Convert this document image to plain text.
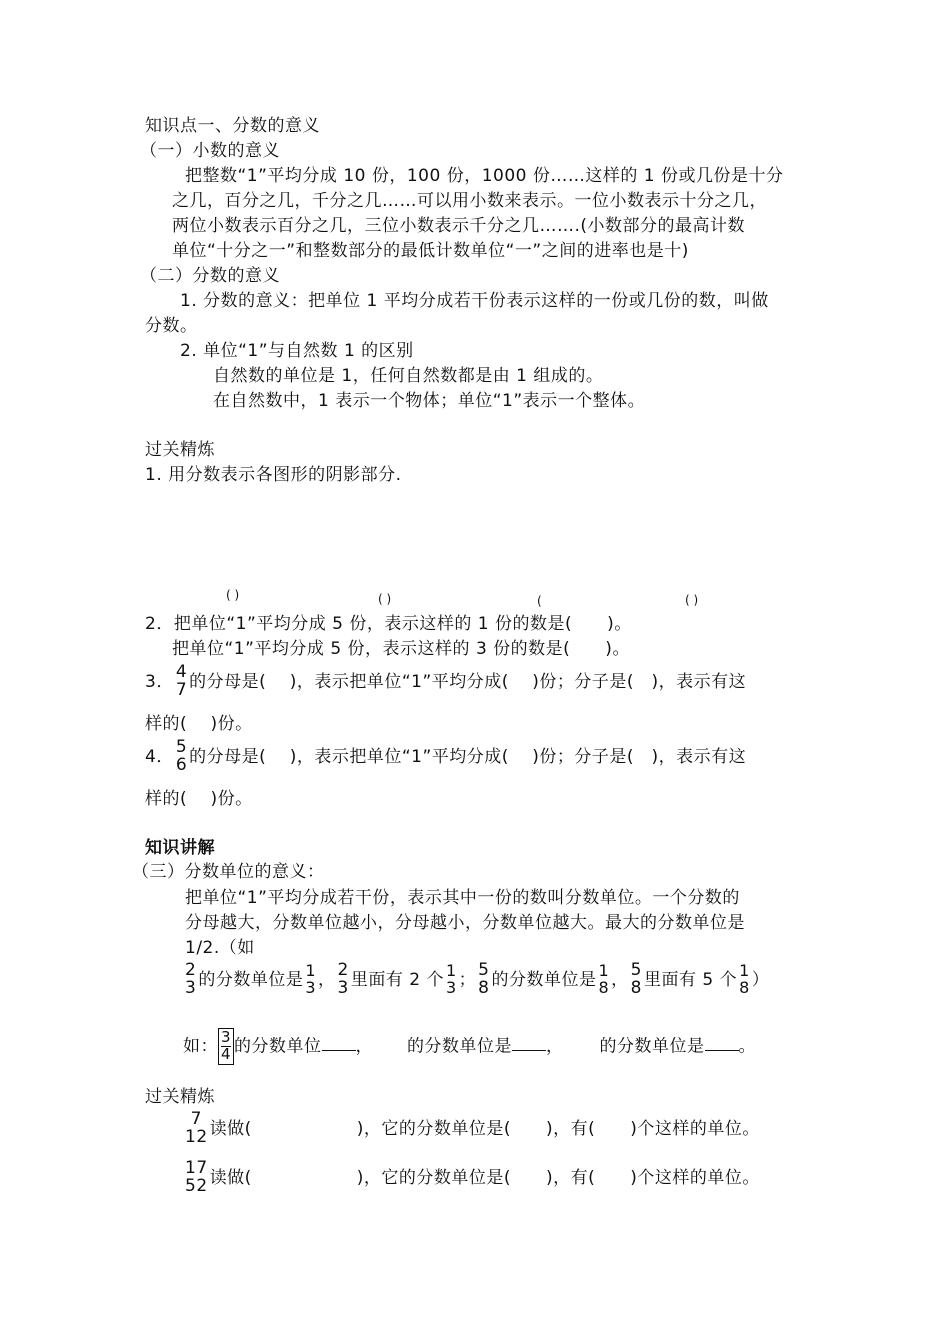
知识点一、分数的意义
（一）小数的意义
把整数“1”平均分成 10 份，100 份，1000 份……这样的 1 份或几份是十分
之几，百分之几，千分之几……可以用小数来表示。一位小数表示十分之几，
两位小数表示百分之几，三位小数表示千分之几…….(小数部分的最高计数
单位“十分之一”和整数部分的最低计数单位“一”之间的进率也是十)
（二）分数的意义
1. 分数的意义：把单位 1 平均分成若干份表示这样的一份或几份的数，叫做
分数。
2. 单位“1”与自然数 1 的区别
自然数的单位是 1，任何自然数都是由 1 组成的。
在自然数中，1 表示一个物体；单位“1”表示一个整体。
过关精炼
1. 用分数表示各图形的阴影部分.
( )	( )	(	( )
2．把单位“1”平均分成 5 份，表示这样的 1 份的数是(　　)。
把单位“1”平均分成 5 份，表示这样的 3 份的数是(　　)。
3． 4
7 的分母是(　 )，表示把单位“1”平均分成(　 )份；分子是(　)，表示有这
样的(　 )份。
4． 5
6 的分母是(　 )，表示把单位“1”平均分成(　 )份；分子是(　)，表示有这
样的(　 )份。
知识讲解
（三）分数单位的意义：
把单位“1”平均分成若干份，表示其中一份的数叫分数单位。一个分数的
分母越大，分数单位越小，分母越小，分数单位越大。最大的分数单位是
1/2.（如
2
3 的分数单位是 1
3 ， 2
3 里面有 2 个 1
3 ； 5
8 的分数单位是 1
8 ， 5
8 里面有 5 个 1
8 ）
如： $\frac{3}{4}$ 的分数单位 ， 的分数单位是 ， 的分数单位是 。
过关精炼
7
12 读做(　　　　　　)，它的分数单位是(　　)，有(　　)个这样的单位。
17
52 读做(　　　　　　)，它的分数单位是(　　)，有(　　)个这样的单位。
